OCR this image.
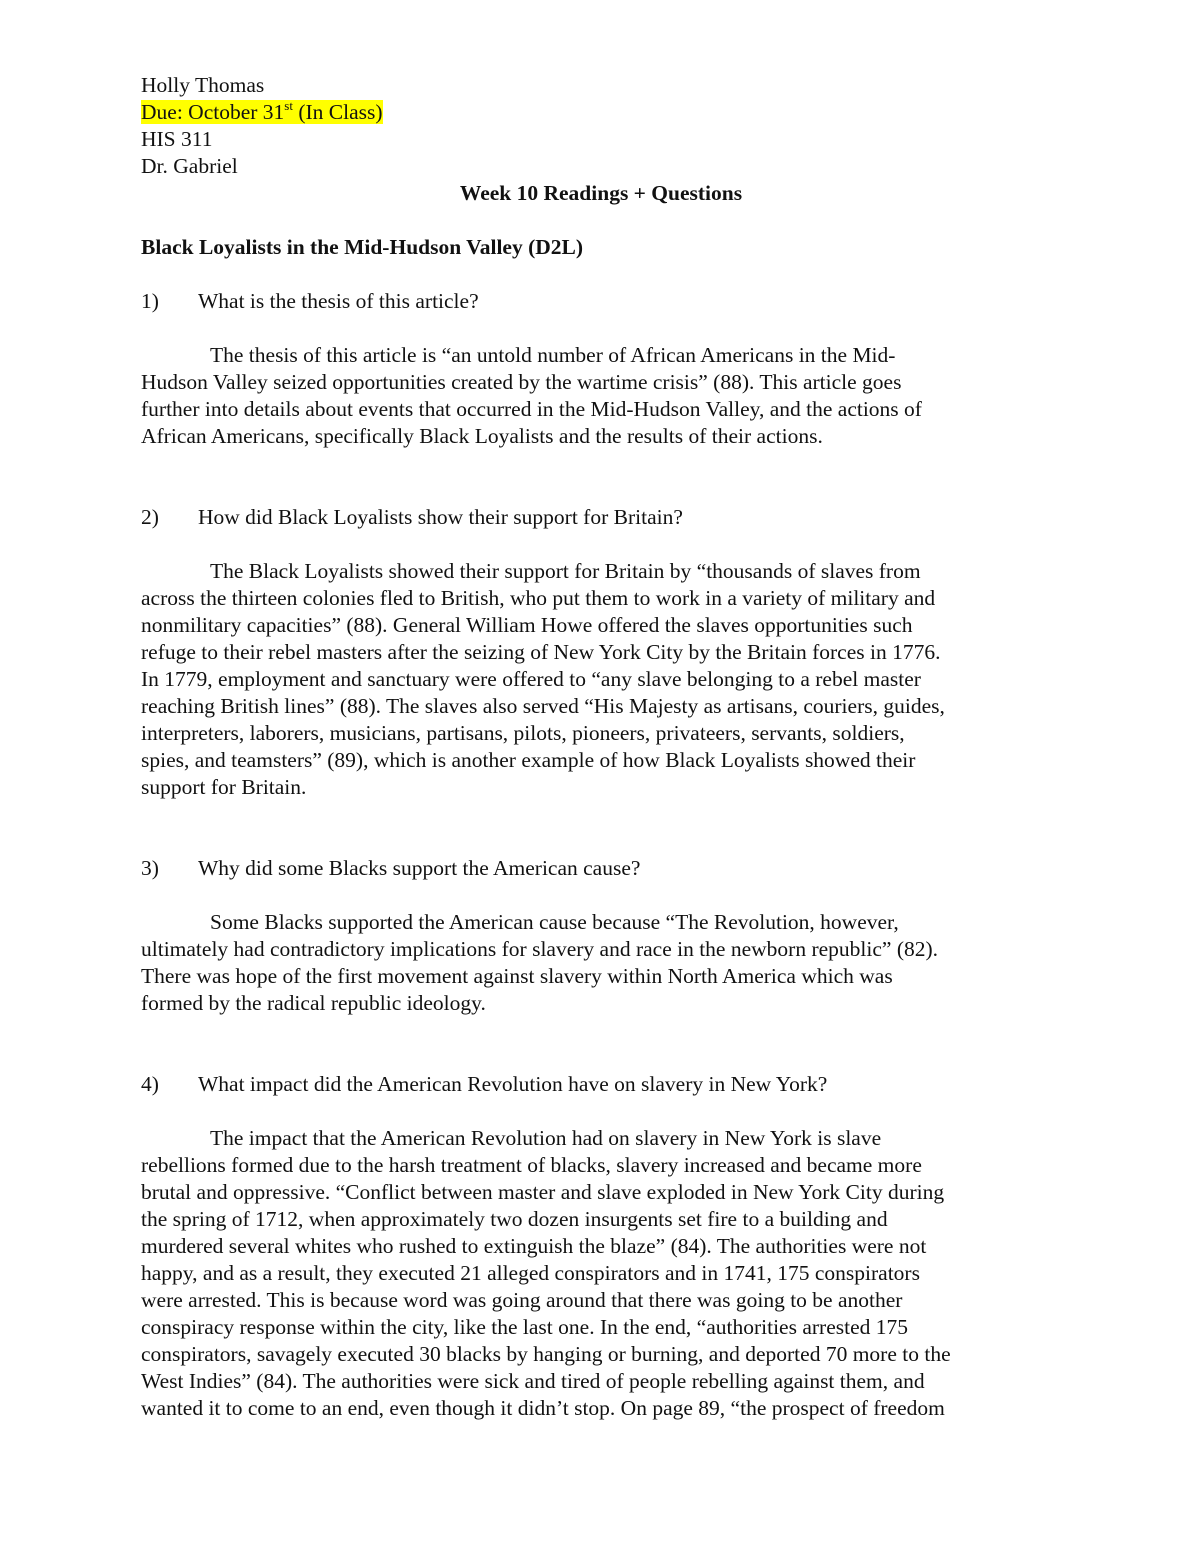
Holly Thomas
Due: October 31st (In Class)
HIS 311
Dr. Gabriel
Week 10 Readings + Questions
Black Loyalists in the Mid-Hudson Valley (D2L)
1) What is the thesis of this article?
The thesis of this article is “an untold number of African Americans in the Mid-
Hudson Valley seized opportunities created by the wartime crisis” (88). This article goes
further into details about events that occurred in the Mid-Hudson Valley, and the actions of
African Americans, specifically Black Loyalists and the results of their actions.
2) How did Black Loyalists show their support for Britain?
The Black Loyalists showed their support for Britain by “thousands of slaves from
across the thirteen colonies fled to British, who put them to work in a variety of military and
nonmilitary capacities” (88). General William Howe offered the slaves opportunities such
refuge to their rebel masters after the seizing of New York City by the Britain forces in 1776.
In 1779, employment and sanctuary were offered to “any slave belonging to a rebel master
reaching British lines” (88). The slaves also served “His Majesty as artisans, couriers, guides,
interpreters, laborers, musicians, partisans, pilots, pioneers, privateers, servants, soldiers,
spies, and teamsters” (89), which is another example of how Black Loyalists showed their
support for Britain.
3) Why did some Blacks support the American cause?
Some Blacks supported the American cause because “The Revolution, however,
ultimately had contradictory implications for slavery and race in the newborn republic” (82).
There was hope of the first movement against slavery within North America which was
formed by the radical republic ideology.
4) What impact did the American Revolution have on slavery in New York?
The impact that the American Revolution had on slavery in New York is slave
rebellions formed due to the harsh treatment of blacks, slavery increased and became more
brutal and oppressive. “Conflict between master and slave exploded in New York City during
the spring of 1712, when approximately two dozen insurgents set fire to a building and
murdered several whites who rushed to extinguish the blaze” (84). The authorities were not
happy, and as a result, they executed 21 alleged conspirators and in 1741, 175 conspirators
were arrested. This is because word was going around that there was going to be another
conspiracy response within the city, like the last one. In the end, “authorities arrested 175
conspirators, savagely executed 30 blacks by hanging or burning, and deported 70 more to the
West Indies” (84). The authorities were sick and tired of people rebelling against them, and
wanted it to come to an end, even though it didn’t stop. On page 89, “the prospect of freedom
